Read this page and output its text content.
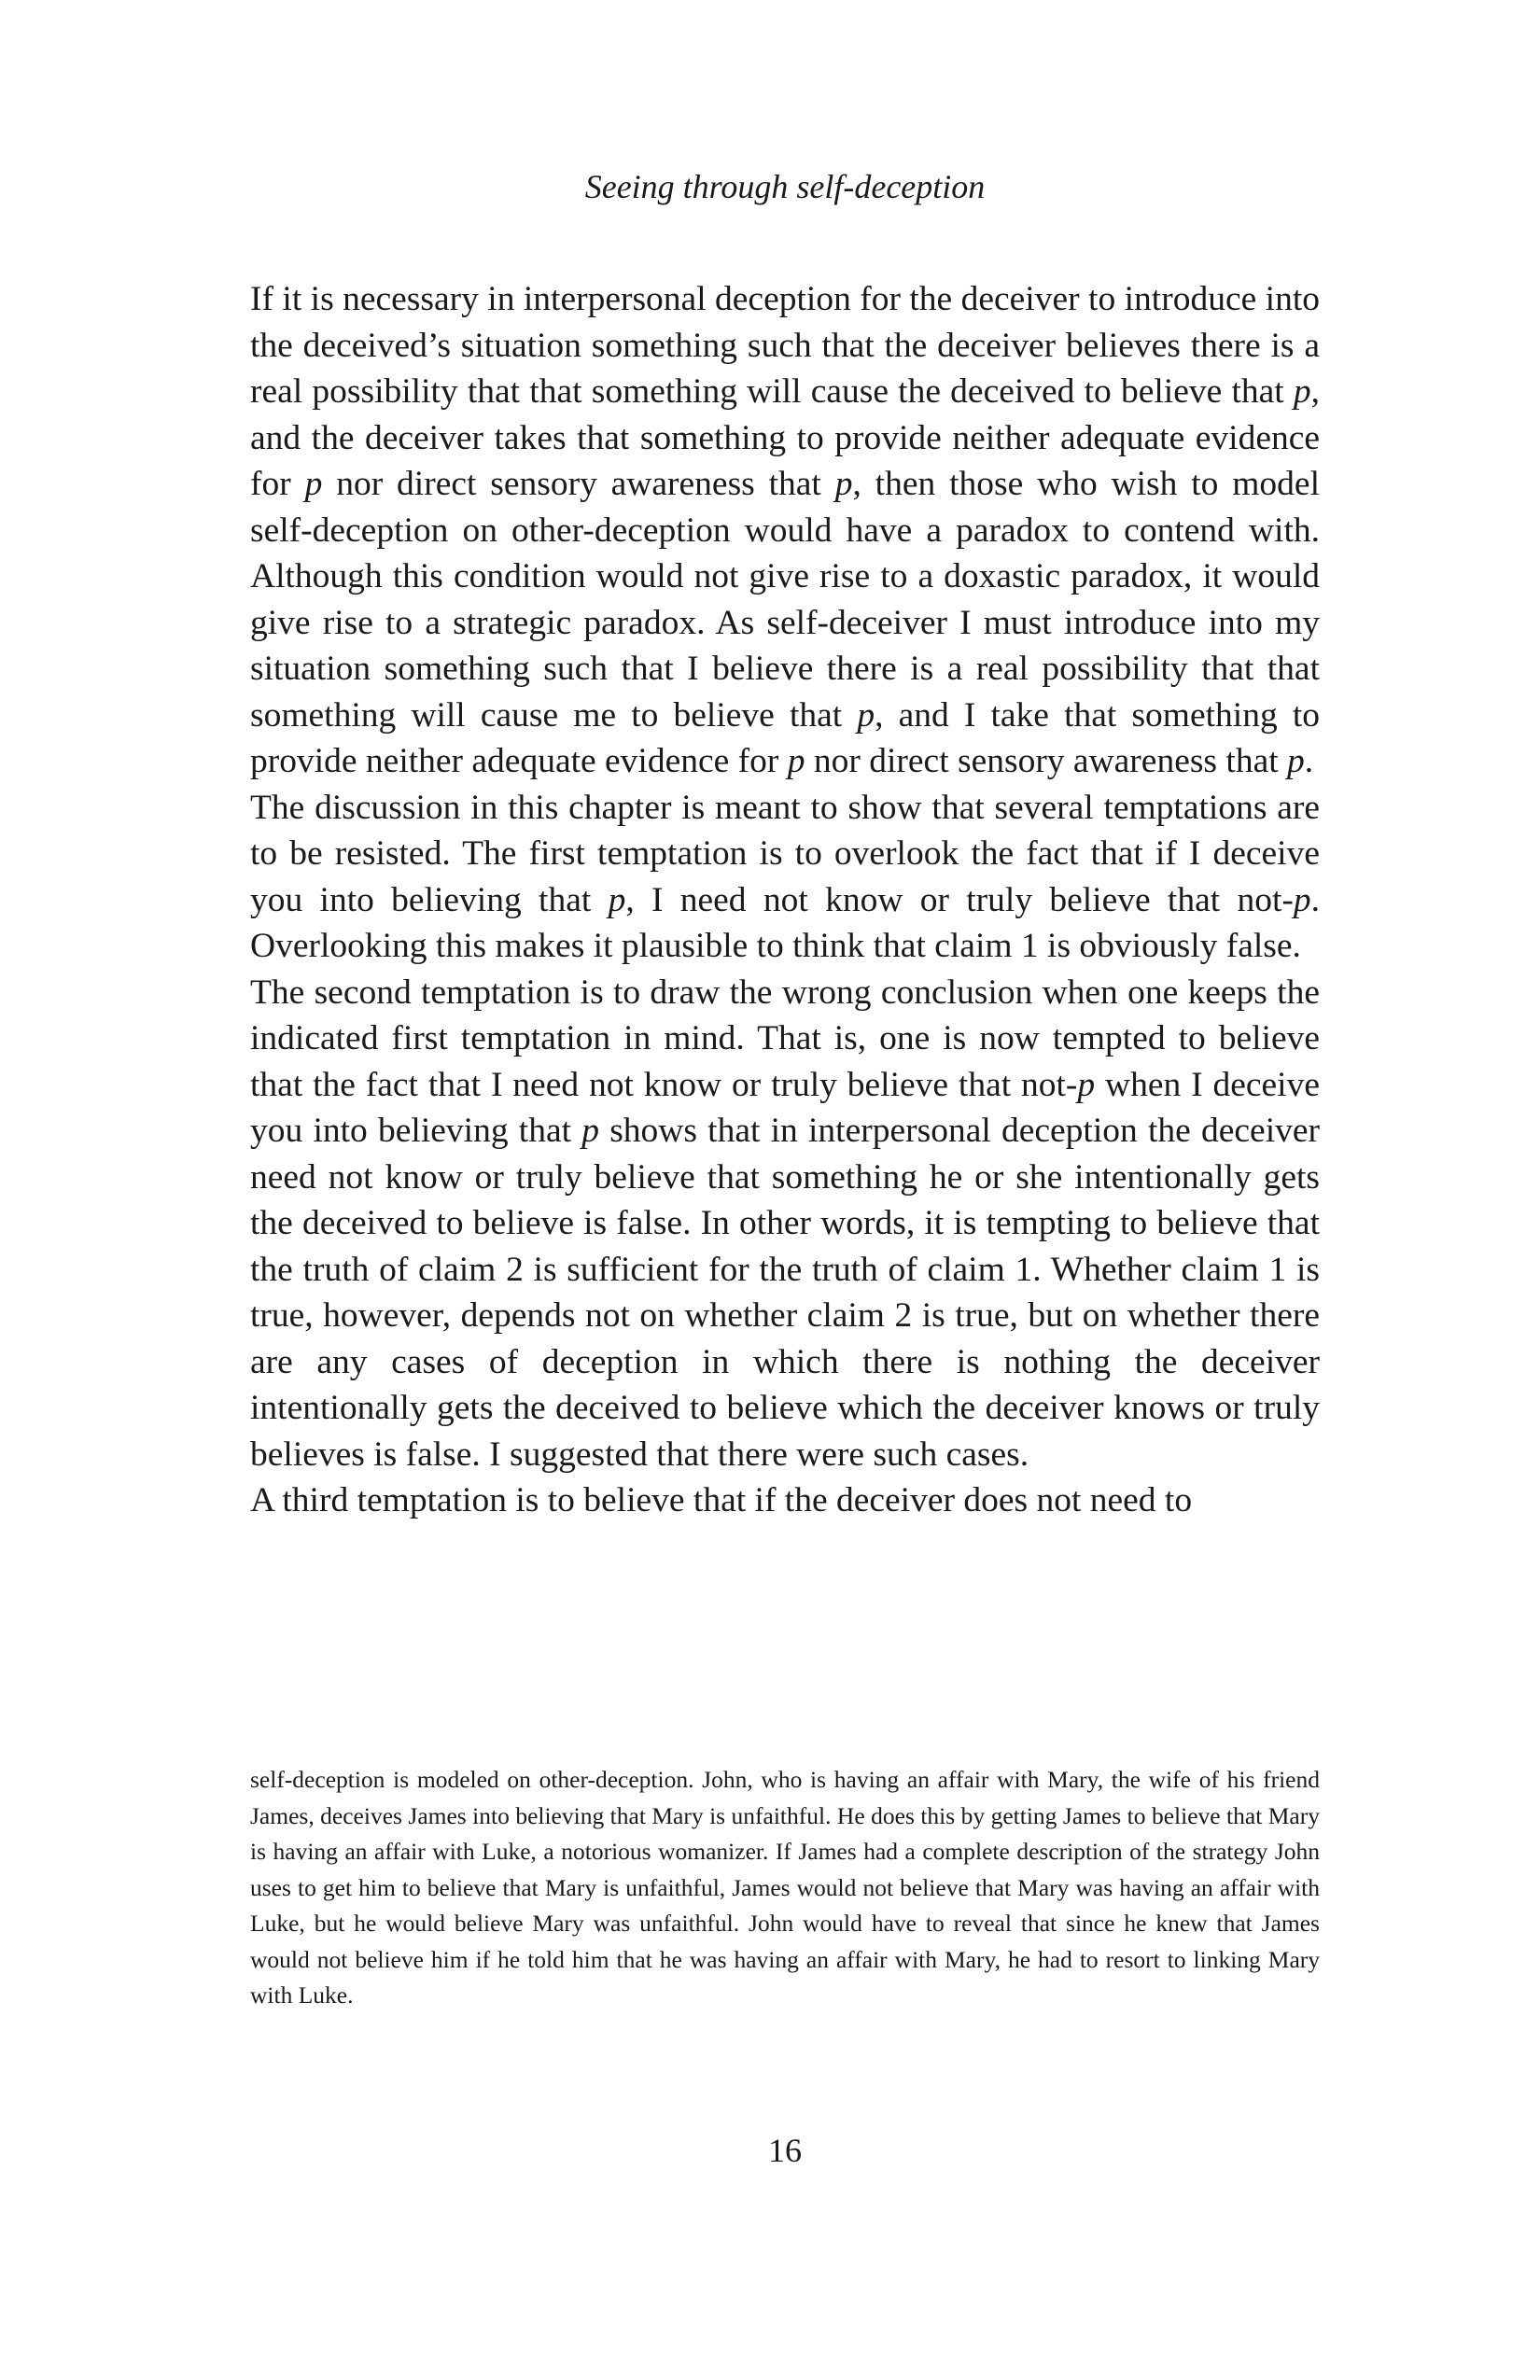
Seeing through self-deception

If it is necessary in interpersonal deception for the deceiver to introduce into the deceived’s situation something such that the deceiver believes there is a real possibility that that something will cause the deceived to believe that p, and the deceiver takes that something to provide neither adequate evidence for p nor direct sensory awareness that p, then those who wish to model self-deception on other-deception would have a paradox to contend with. Although this condition would not give rise to a doxastic paradox, it would give rise to a strategic paradox. As self-deceiver I must introduce into my situation something such that I believe there is a real possibility that that something will cause me to believe that p, and I take that something to provide neither adequate evidence for p nor direct sensory awareness that p.

The discussion in this chapter is meant to show that several temptations are to be resisted. The first temptation is to overlook the fact that if I deceive you into believing that p, I need not know or truly believe that not-p. Overlooking this makes it plausible to think that claim 1 is obviously false.

The second temptation is to draw the wrong conclusion when one keeps the indicated first temptation in mind. That is, one is now tempted to believe that the fact that I need not know or truly believe that not-p when I deceive you into believing that p shows that in interpersonal deception the deceiver need not know or truly believe that something he or she intentionally gets the deceived to believe is false. In other words, it is tempting to believe that the truth of claim 2 is sufficient for the truth of claim 1. Whether claim 1 is true, however, depends not on whether claim 2 is true, but on whether there are any cases of deception in which there is nothing the deceiver intentionally gets the deceived to believe which the deceiver knows or truly believes is false. I suggested that there were such cases.

A third temptation is to believe that if the deceiver does not need to

self-deception is modeled on other-deception. John, who is having an affair with Mary, the wife of his friend James, deceives James into believing that Mary is unfaithful. He does this by getting James to believe that Mary is having an affair with Luke, a notorious womanizer. If James had a complete description of the strategy John uses to get him to believe that Mary is unfaithful, James would not believe that Mary was having an affair with Luke, but he would believe Mary was unfaithful. John would have to reveal that since he knew that James would not believe him if he told him that he was having an affair with Mary, he had to resort to linking Mary with Luke.

16
